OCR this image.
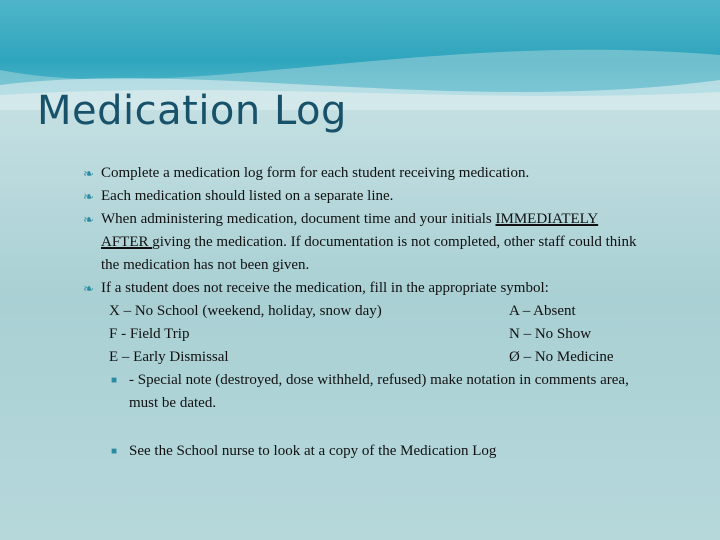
Medication Log
❧ Complete a medication log form for each student receiving medication.
❧ Each medication should listed on a separate line.
❧ When administering medication, document time and your initials IMMEDIATELY AFTER giving the medication. If documentation is not completed, other staff could think the medication has not been given.
❧ If a student does not receive the medication, fill in the appropriate symbol:
X – No School (weekend, holiday, snow day)	A – Absent
F - Field Trip	N – No Show
E – Early Dismissal	Ø – No Medicine
■ - Special note (destroyed, dose withheld, refused) make notation in comments area, must be dated.
■ See the School nurse to look at a copy of the Medication Log
